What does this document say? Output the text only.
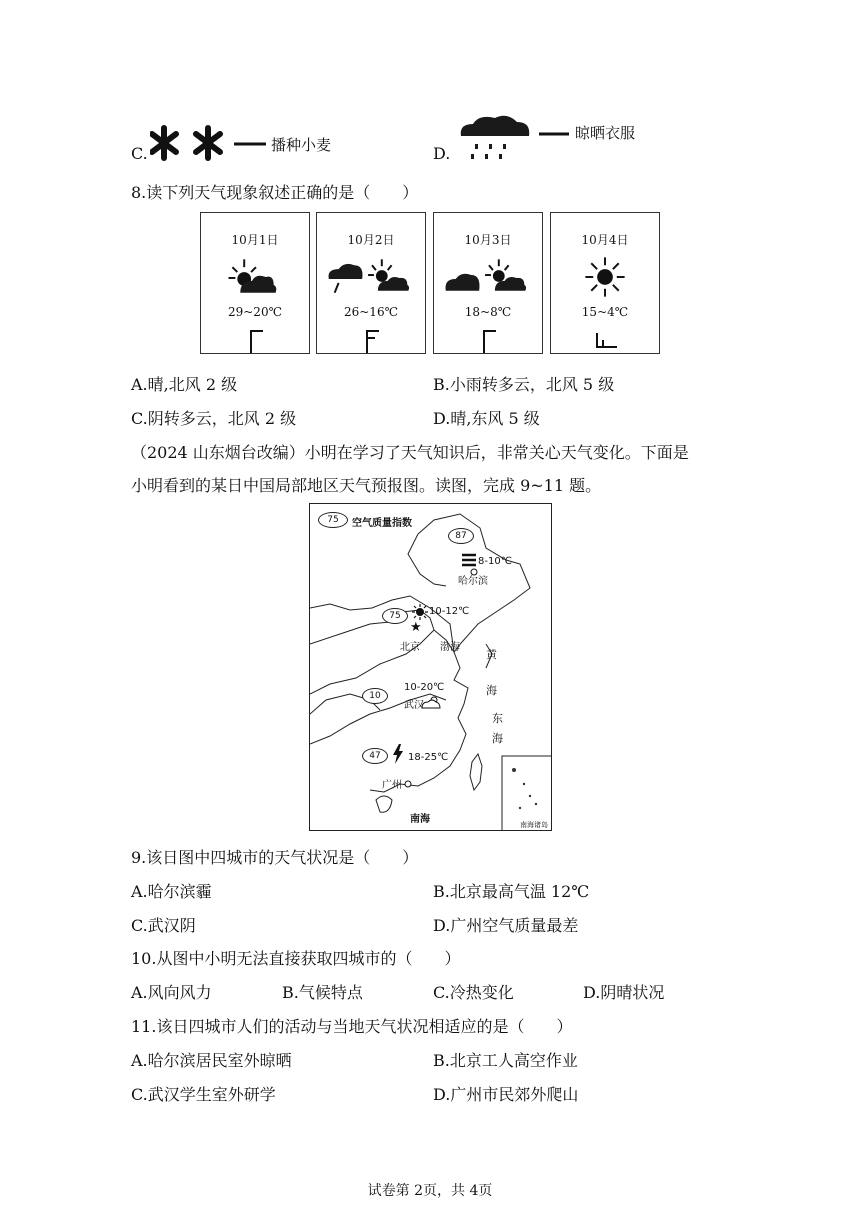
C.	播种小麦	D.
晾晒衣服
8.读下列天气现象叙述正确的是（　　）
10月1日
29~20℃
10月2日
26~16℃
10月3日
18~8℃
10月4日
15~4℃
A.晴,北风 2 级	B.小雨转多云，北风 5 级
C.阴转多云，北风 2 级	D.晴,东风 5 级
（2024 山东烟台改编）小明在学习了天气知识后，非常关心天气变化。下面是
小明看到的某日中国局部地区天气预报图。读图，完成 9~11 题。
75	空气质量指数
87
8-10℃
哈尔滨
75	10-12℃
★
北京 渤海
黄
海
东
海
10
10-20℃
武汉
47	18-25℃
广州
南海	南海诸岛
9.该日图中四城市的天气状况是（　　）
A.哈尔滨霾	B.北京最高气温 12℃
C.武汉阴	D.广州空气质量最差
10.从图中小明无法直接获取四城市的（　　）
A.风向风力	B.气候特点	C.冷热变化	D.阴晴状况
11.该日四城市人们的活动与当地天气状况相适应的是（　　）
A.哈尔滨居民室外晾晒	B.北京工人高空作业
C.武汉学生室外研学	D.广州市民郊外爬山
试卷第 2页，共 4页
